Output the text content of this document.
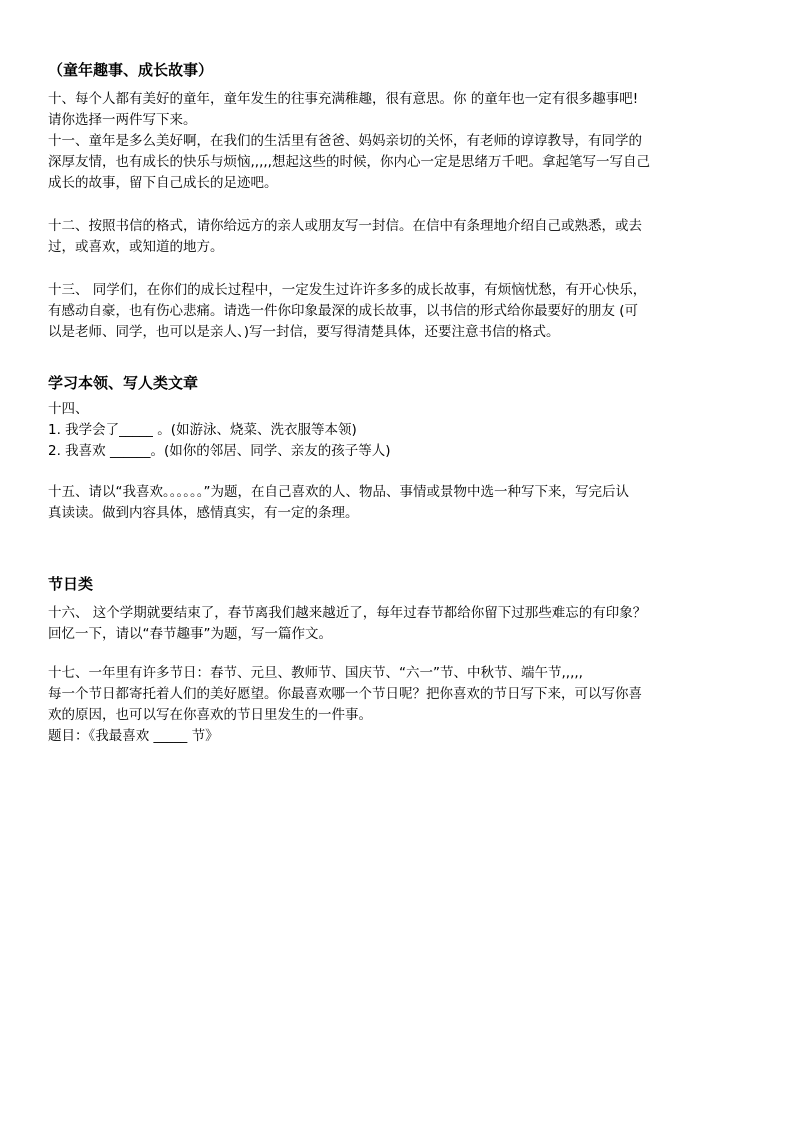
（童年趣事、成长故事）

十、每个人都有美好的童年，童年发生的往事充满稚趣，很有意思。你 的童年也一定有很多趣事吧!

请你选择一两件写下来。

十一、童年是多么美好啊，在我们的生活里有爸爸、妈妈亲切的关怀，有老师的谆谆教导，有同学的

深厚友情，也有成长的快乐与烦恼,,,,,想起这些的时候，你内心一定是思绪万千吧。拿起笔写一写自己

成长的故事，留下自己成长的足迹吧。

十二、按照书信的格式，请你给远方的亲人或朋友写一封信。在信中有条理地介绍自己或熟悉，或去

过，或喜欢，或知道的地方。

十三、 同学们，在你们的成长过程中，一定发生过许许多多的成长故事，有烦恼忧愁，有开心快乐，

有感动自豪，也有伤心悲痛。请选一件你印象最深的成长故事，以书信的形式给你最要好的朋友 (可

以是老师、同学，也可以是亲人、)写一封信，要写得清楚具体，还要注意书信的格式。

学习本领、写人类文章

十四、

1. 我学会了_____ 。(如游泳、烧菜、洗衣服等本领)

2. 我喜欢 ______。(如你的邻居、同学、亲友的孩子等人)

十五、请以“我喜欢。。。。。。”为题，在自己喜欢的人、物品、事情或景物中选一种写下来，写完后认

真读读。做到内容具体，感情真实，有一定的条理。

节日类

十六、 这个学期就要结束了，春节离我们越来越近了，每年过春节都给你留下过那些难忘的有印象？

回忆一下，请以“春节趣事”为题，写一篇作文。

十七、一年里有许多节日：春节、元旦、教师节、国庆节、“六一”节、中秋节、端午节,,,,,

每一个节日都寄托着人们的美好愿望。你最喜欢哪一个节日呢？把你喜欢的节日写下来，可以写你喜

欢的原因，也可以写在你喜欢的节日里发生的一件事。

题目：《我最喜欢 _____ 节》
